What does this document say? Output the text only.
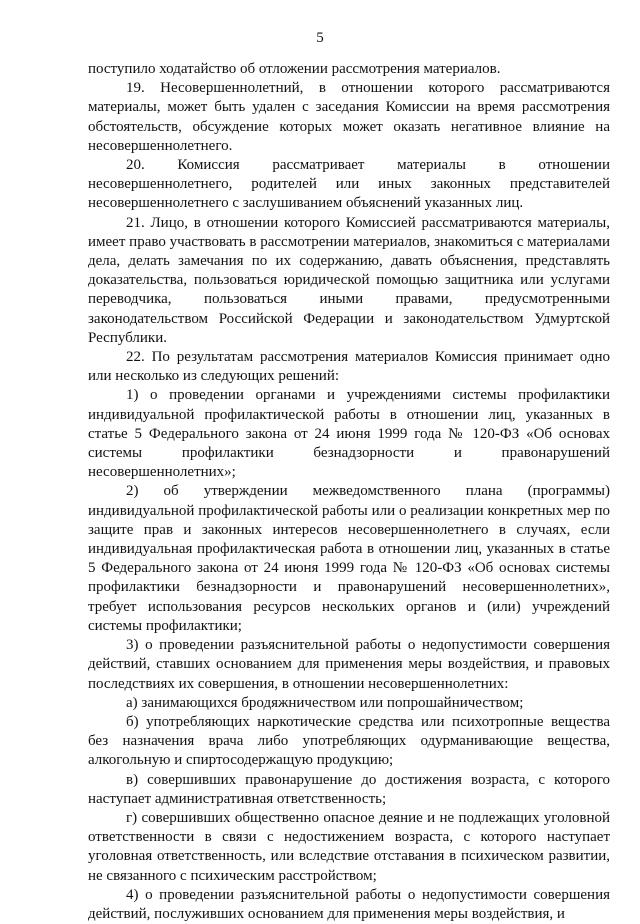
5

поступило ходатайство об отложении рассмотрения материалов.

19. Несовершеннолетний, в отношении которого рассматриваются материалы, может быть удален с заседания Комиссии на время рассмотрения обстоятельств, обсуждение которых может оказать негативное влияние на несовершеннолетнего.

20. Комиссия рассматривает материалы в отношении несовершеннолетнего, родителей или иных законных представителей несовершеннолетнего с заслушиванием объяснений указанных лиц.

21. Лицо, в отношении которого Комиссией рассматриваются материалы, имеет право участвовать в рассмотрении материалов, знакомиться с материалами дела, делать замечания по их содержанию, давать объяснения, представлять доказательства, пользоваться юридической помощью защитника или услугами переводчика, пользоваться иными правами, предусмотренными законодательством Российской Федерации и законодательством Удмуртской Республики.

22. По результатам рассмотрения материалов Комиссия принимает одно или несколько из следующих решений:

1) о проведении органами и учреждениями системы профилактики индивидуальной профилактической работы в отношении лиц, указанных в статье 5 Федерального закона от 24 июня 1999 года № 120-ФЗ «Об основах системы профилактики безнадзорности и правонарушений несовершеннолетних»;

2) об утверждении межведомственного плана (программы) индивидуальной профилактической работы или о реализации конкретных мер по защите прав и законных интересов несовершеннолетнего в случаях, если индивидуальная профилактическая работа в отношении лиц, указанных в статье 5 Федерального закона от 24 июня 1999 года № 120-ФЗ «Об основах системы профилактики безнадзорности и правонарушений несовершеннолетних», требует использования ресурсов нескольких органов и (или) учреждений системы профилактики;

3) о проведении разъяснительной работы о недопустимости совершения действий, ставших основанием для применения меры воздействия, и правовых последствиях их совершения, в отношении несовершеннолетних:

а) занимающихся бродяжничеством или попрошайничеством;

б) употребляющих наркотические средства или психотропные вещества без назначения врача либо употребляющих одурманивающие вещества, алкогольную и спиртосодержащую продукцию;

в) совершивших правонарушение до достижения возраста, с которого наступает административная ответственность;

г) совершивших общественно опасное деяние и не подлежащих уголовной ответственности в связи с недостижением возраста, с которого наступает уголовная ответственность, или вследствие отставания в психическом развитии, не связанного с психическим расстройством;

4) о проведении разъяснительной работы о недопустимости совершения действий, послуживших основанием для применения меры воздействия, и
